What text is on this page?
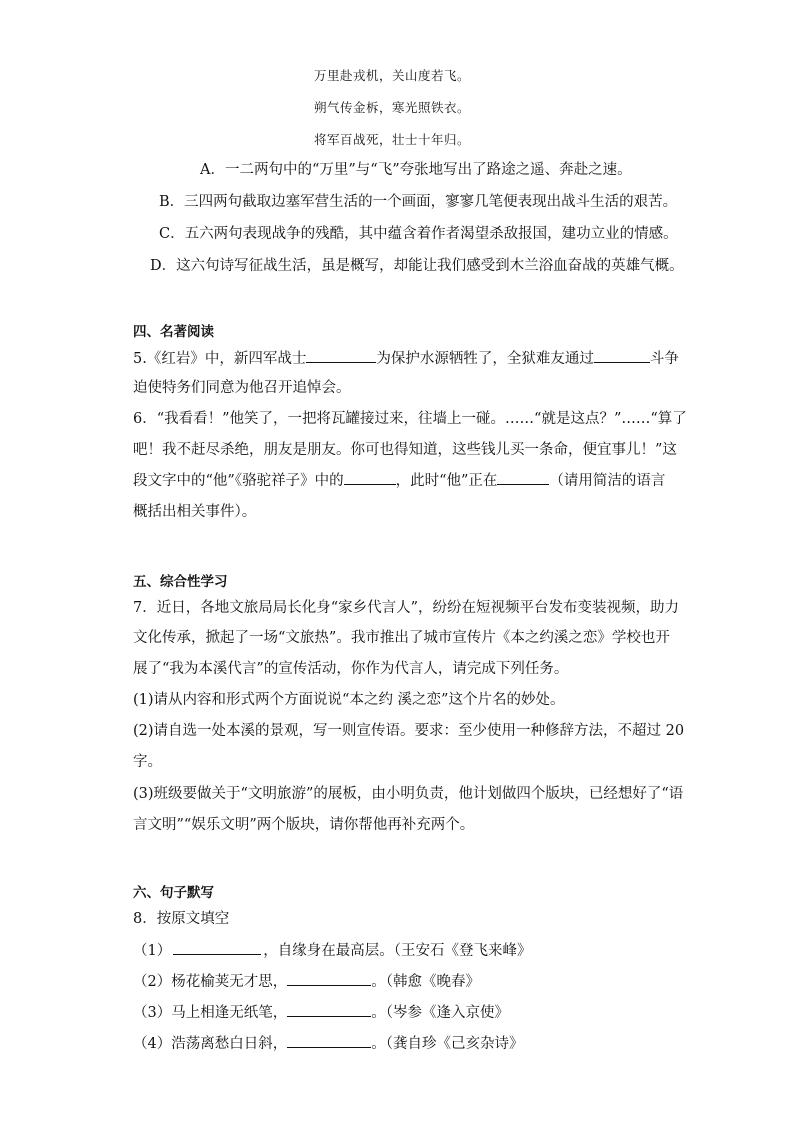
万里赴戎机，关山度若飞。
朔气传金柝，寒光照铁衣。
将军百战死，壮士十年归。
A．一二两句中的“万里”与“飞”夸张地写出了路途之遥、奔赴之速。
B．三四两句截取边塞军营生活的一个画面，寥寥几笔便表现出战斗生活的艰苦。
C．五六两句表现战争的残酷，其中蕴含着作者渴望杀敌报国，建功立业的情感。
D．这六句诗写征战生活，虽是概写，却能让我们感受到木兰浴血奋战的英雄气概。
四、名著阅读
5.《红岩》中，新四军战士	为保护水源牺牲了，全狱难友通过	斗争
迫使特务们同意为他召开追悼会。
6．“我看看！”他笑了，一把将瓦罐接过来，往墙上一碰。……“就是这点？”……“算了
吧！我不赶尽杀绝，朋友是朋友。你可也得知道，这些钱儿买一条命，便宜事儿！”这
段文字中的“他”《骆驼祥子》中的	，此时“他”正在	（请用简洁的语言
概括出相关事件）。
五、综合性学习
7．近日，各地文旅局局长化身“家乡代言人”，纷纷在短视频平台发布变装视频，助力
文化传承，掀起了一场“文旅热”。我市推出了城市宣传片《本之约溪之恋》学校也开
展了“我为本溪代言”的宣传活动，你作为代言人，请完成下列任务。
(1)请从内容和形式两个方面说说“本之约 溪之恋”这个片名的妙处。
(2)请自选一处本溪的景观，写一则宣传语。要求：至少使用一种修辞方法，不超过 20
字。
(3)班级要做关于“文明旅游”的展板，由小明负责，他计划做四个版块，已经想好了“语
言文明”“娱乐文明”两个版块，请你帮他再补充两个。
六、句子默写
8．按原文填空
（1）	，自缘身在最高层。（王安石《登飞来峰》
（2）杨花榆荚无才思，	。（韩愈《晚春》
（3）马上相逢无纸笔，	。（岑参《逢入京使》
（4）浩荡离愁白日斜，	。（龚自珍《己亥杂诗》
